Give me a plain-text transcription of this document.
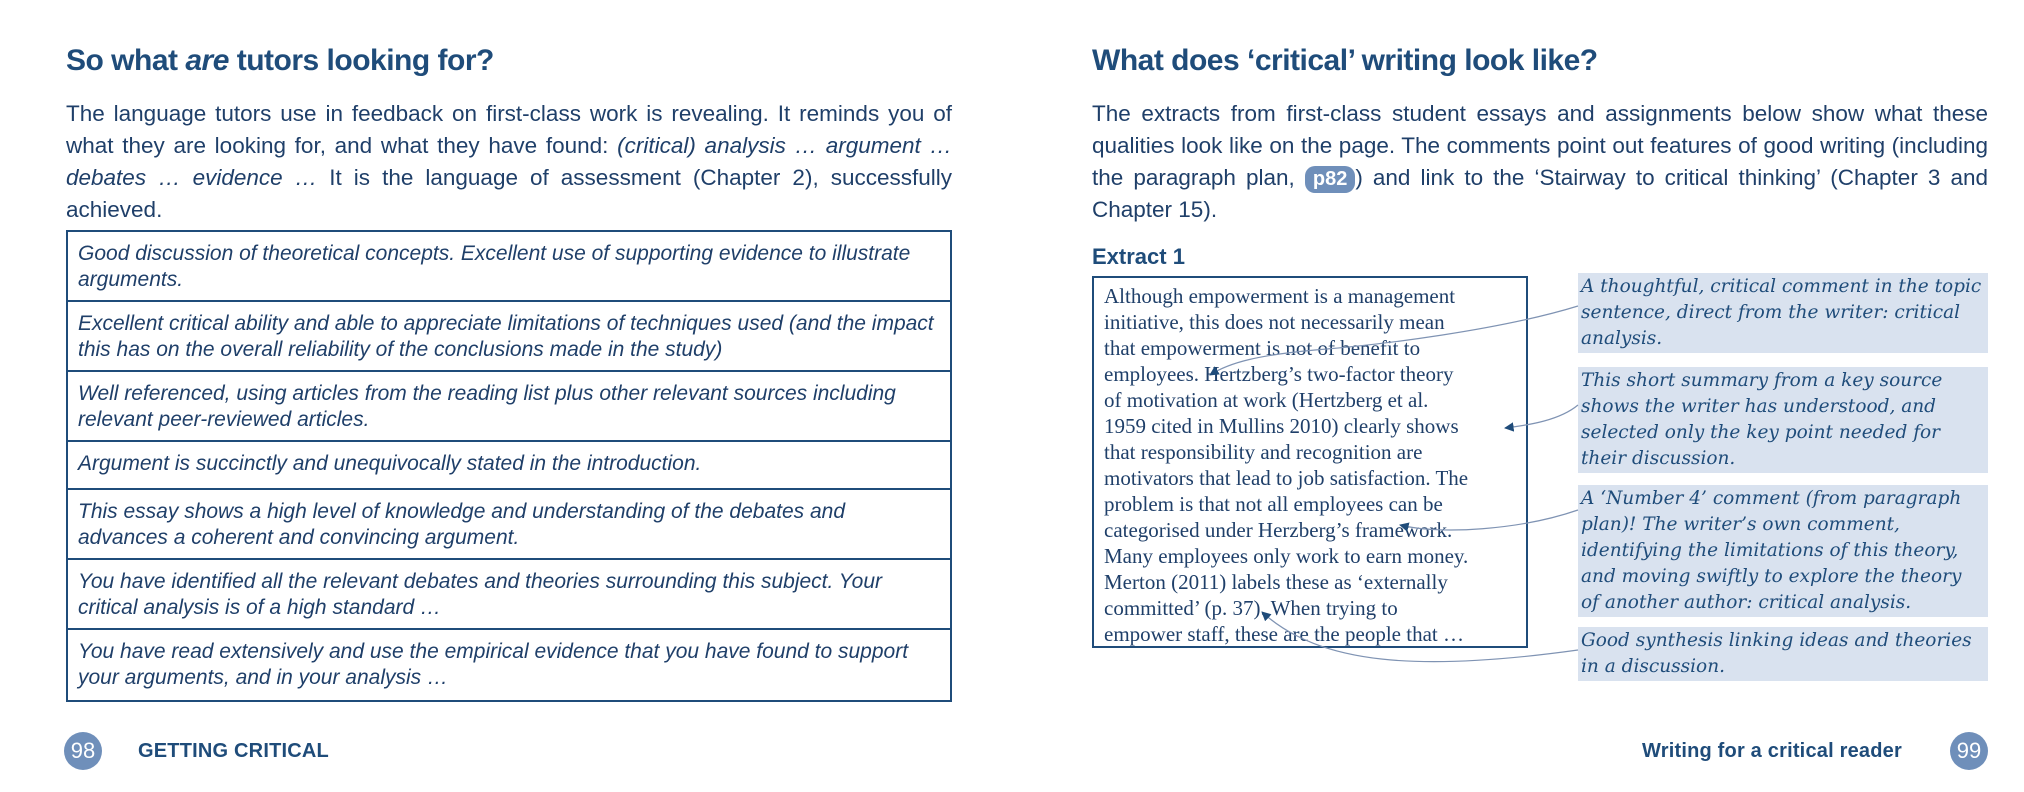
So what are tutors looking for?

The language tutors use in feedback on first-class work is revealing. It reminds you of what they are looking for, and what they have found: (critical) analysis … argument … debates … evidence … It is the language of assessment (Chapter 2), successfully achieved.

Good discussion of theoretical concepts. Excellent use of supporting evidence to illustrate arguments.
Excellent critical ability and able to appreciate limitations of techniques used (and the impact this has on the overall reliability of the conclusions made in the study)
Well referenced, using articles from the reading list plus other relevant sources including relevant peer-reviewed articles.
Argument is succinctly and unequivocally stated in the introduction.
This essay shows a high level of knowledge and understanding of the debates and advances a coherent and convincing argument.
You have identified all the relevant debates and theories surrounding this subject. Your critical analysis is of a high standard …
You have read extensively and use the empirical evidence that you have found to support your arguments, and in your analysis …
98	GETTING CRITICAL
What does ‘critical’ writing look like?

The extracts from first-class student essays and assignments below show what these qualities look like on the page. The comments point out features of good writing (including the paragraph plan, p82 ) and link to the ‘Stairway to critical thinking’ (Chapter 3 and Chapter 15).

Extract 1
Although empowerment is a management
initiative, this does not necessarily mean
that empowerment is not of benefit to
employees. Hertzberg’s two-factor theory
of motivation at work (Hertzberg et al.
1959 cited in Mullins 2010) clearly shows
that responsibility and recognition are
motivators that lead to job satisfaction. The
problem is that not all employees can be
categorised under Herzberg’s framework.
Many employees only work to earn money.
Merton (2011) labels these as ‘externally
committed’ (p. 37). When trying to
empower staff, these are the people that …
A thoughtful, critical comment in the topic sentence, direct from the writer: critical analysis.
This short summary from a key source shows the writer has understood, and selected only the key point needed for their discussion.
A ‘Number 4’ comment (from paragraph plan)! The writer’s own comment, identifying the limitations of this theory, and moving swiftly to explore the theory of another author: critical analysis.
Good synthesis linking ideas and theories in a discussion.
Writing for a critical reader	99
